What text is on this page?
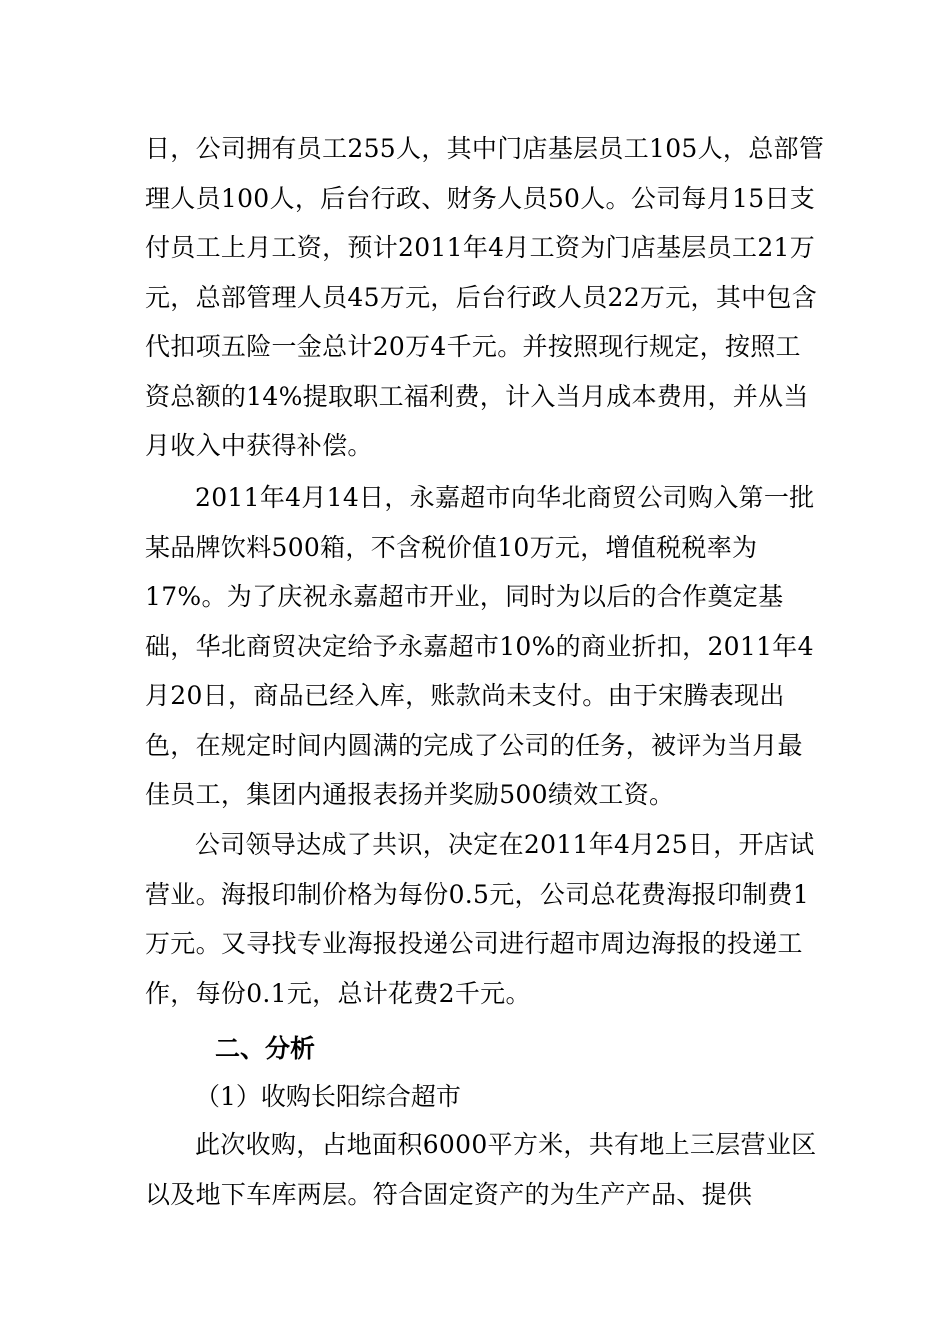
日，公司拥有员工255人，其中门店基层员工105人，总部管理人员100人，后台行政、财务人员50人。公司每月15日支付员工上月工资，预计2011年4月工资为门店基层员工21万元，总部管理人员45万元，后台行政人员22万元，其中包含代扣项五险一金总计20万4千元。并按照现行规定，按照工资总额的14%提取职工福利费，计入当月成本费用，并从当月收入中获得补偿。
2011年4月14日，永嘉超市向华北商贸公司购入第一批某品牌饮料500箱，不含税价值10万元，增值税税率为17%。为了庆祝永嘉超市开业，同时为以后的合作奠定基础，华北商贸决定给予永嘉超市10%的商业折扣，2011年4月20日，商品已经入库，账款尚未支付。由于宋腾表现出色，在规定时间内圆满的完成了公司的任务，被评为当月最佳员工，集团内通报表扬并奖励500绩效工资。
公司领导达成了共识，决定在2011年4月25日，开店试营业。海报印制价格为每份0.5元，公司总花费海报印制费1万元。又寻找专业海报投递公司进行超市周边海报的投递工作，每份0.1元，总计花费2千元。
二、分析
（1）收购长阳综合超市
此次收购，占地面积6000平方米，共有地上三层营业区以及地下车库两层。符合固定资产的为生产产品、提供
